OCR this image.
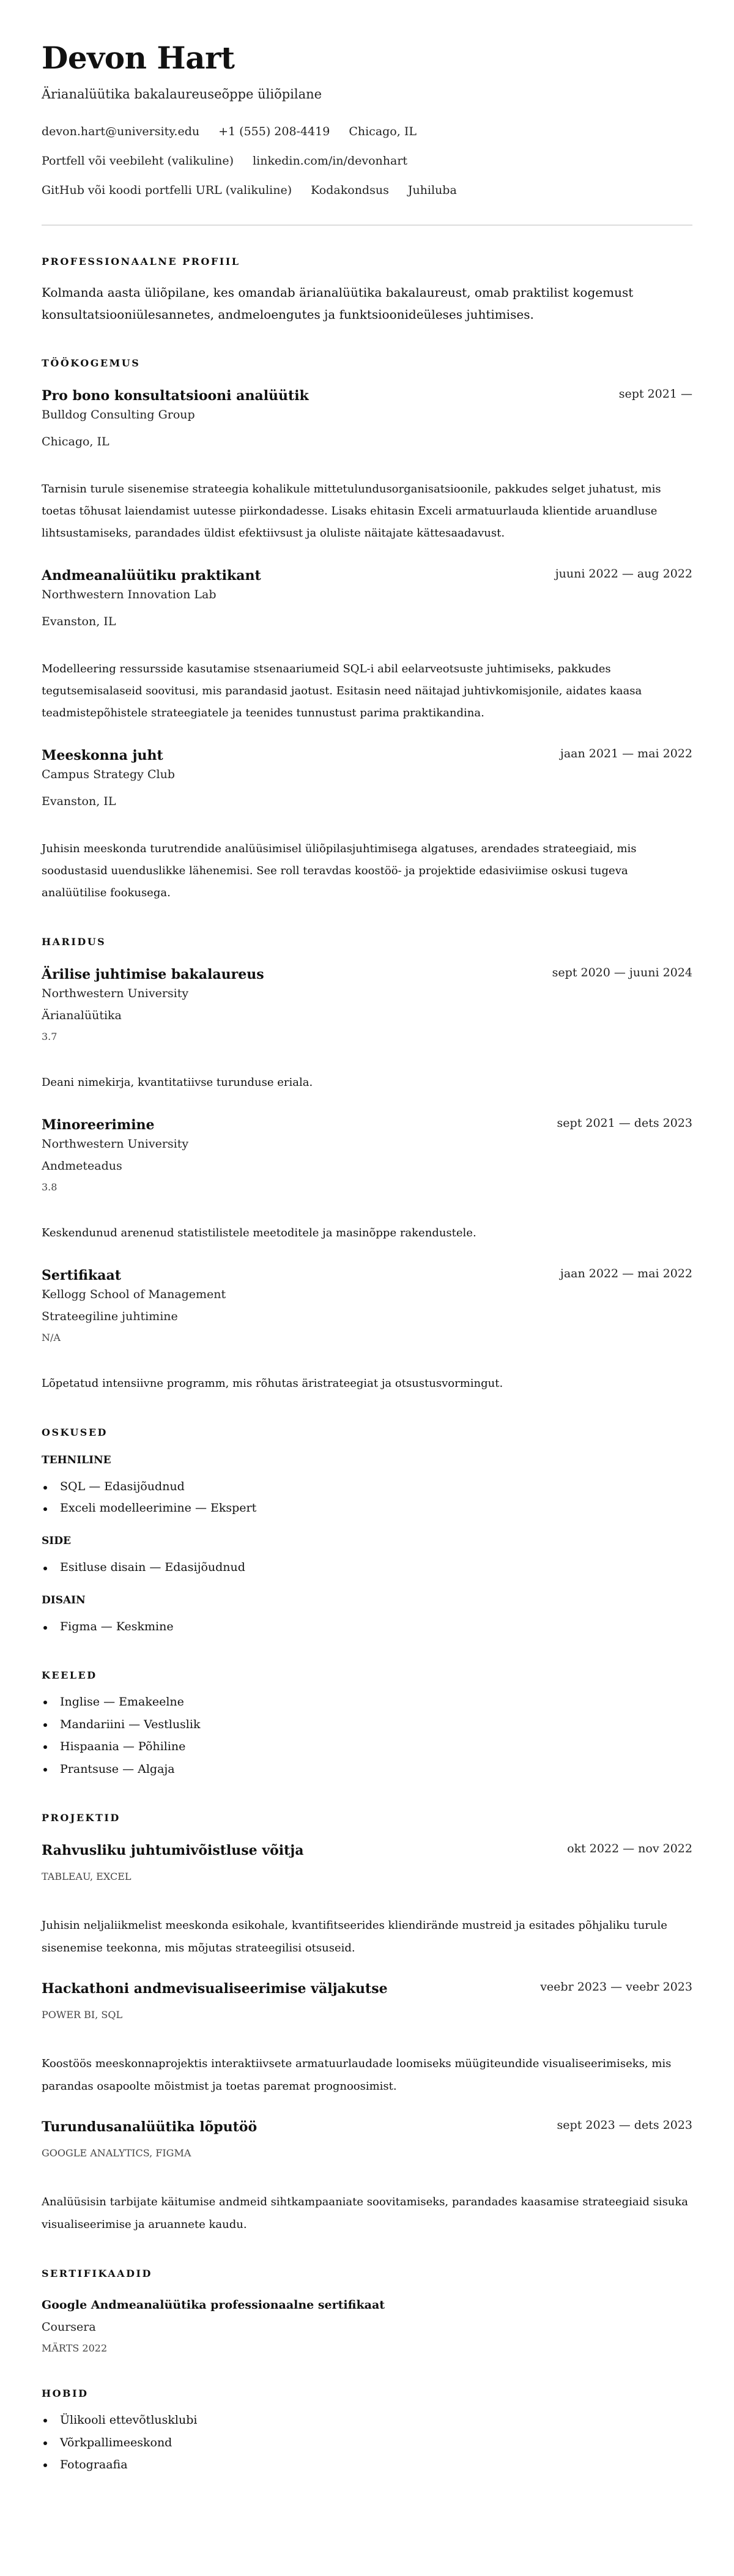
Devon Hart
Ärianalüütika bakalaureuseõppe üliõpilane
devon.hart@university.edu +1 (555) 208-4419 Chicago, IL
Portfell või veebileht (valikuline) linkedin.com/in/devonhart
GitHub või koodi portfelli URL (valikuline) Kodakondsus Juhiluba
PROFESSIONAALNE PROFIIL
Kolmanda aasta üliõpilane, kes omandab ärianalüütika bakalaureust, omab praktilist kogemust konsultatsiooniülesannetes, andmeloengutes ja funktsioonideüleses juhtimises.
TÖÖKOGEMUS
Pro bono konsultatsiooni analüütik	sept 2021 —
Bulldog Consulting Group
Chicago, IL
Tarnisin turule sisenemise strateegia kohalikule mittetulundusorganisatsioonile, pakkudes selget juhatust, mis toetas tõhusat laiendamist uutesse piirkondadesse. Lisaks ehitasin Exceli armatuurlauda klientide aruandluse lihtsustamiseks, parandades üldist efektiivsust ja oluliste näitajate kättesaadavust.
Andmeanalüütiku praktikant	juuni 2022 — aug 2022
Northwestern Innovation Lab
Evanston, IL
Modelleering ressursside kasutamise stsenaariumeid SQL-i abil eelarveotsuste juhtimiseks, pakkudes tegutsemisalaseid soovitusi, mis parandasid jaotust. Esitasin need näitajad juhtivkomisjonile, aidates kaasa teadmistepõhistele strateegiatele ja teenides tunnustust parima praktikandina.
Meeskonna juht	jaan 2021 — mai 2022
Campus Strategy Club
Evanston, IL
Juhisin meeskonda turutrendide analüüsimisel üliõpilasjuhtimisega algatuses, arendades strateegiaid, mis soodustasid uuenduslikke lähenemisi. See roll teravdas koostöö- ja projektide edasiviimise oskusi tugeva analüütilise fookusega.
HARIDUS
Ärilise juhtimise bakalaureus	sept 2020 — juuni 2024
Northwestern University
Ärianalüütika
3.7
Deani nimekirja, kvantitatiivse turunduse eriala.
Minoreerimine	sept 2021 — dets 2023
Northwestern University
Andmeteadus
3.8
Keskendunud arenenud statistilistele meetoditele ja masinõppe rakendustele.
Sertifikaat	jaan 2022 — mai 2022
Kellogg School of Management
Strateegiline juhtimine
N/A
Lõpetatud intensiivne programm, mis rõhutas äristrateegiat ja otsustusvormingut.
OSKUSED
TEHNILINE
SQL — Edasijõudnud
Exceli modelleerimine — Ekspert
SIDE
Esitluse disain — Edasijõudnud
DISAIN
Figma — Keskmine
KEELED
Inglise — Emakeelne
Mandariini — Vestluslik
Hispaania — Põhiline
Prantsuse — Algaja
PROJEKTID
Rahvusliku juhtumivõistluse võitja	okt 2022 — nov 2022
TABLEAU, EXCEL
Juhisin neljaliikmelist meeskonda esikohale, kvantifitseerides kliendirände mustreid ja esitades põhjaliku turule sisenemise teekonna, mis mõjutas strateegilisi otsuseid.
Hackathoni andmevisualiseerimise väljakutse	veebr 2023 — veebr 2023
POWER BI, SQL
Koostöös meeskonnaprojektis interaktiivsete armatuurlaudade loomiseks müügiteundide visualiseerimiseks, mis parandas osapoolte mõistmist ja toetas paremat prognoosimist.
Turundusanalüütika lõputöö	sept 2023 — dets 2023
GOOGLE ANALYTICS, FIGMA
Analüüsisin tarbijate käitumise andmeid sihtkampaaniate soovitamiseks, parandades kaasamise strateegiaid sisuka visualiseerimise ja aruannete kaudu.
SERTIFIKAADID
Google Andmeanalüütika professionaalne sertifikaat
Coursera
MÄRTS 2022
HOBID
Ülikooli ettevõtlusklubi
Võrkpallimeeskond
Fotograafia
